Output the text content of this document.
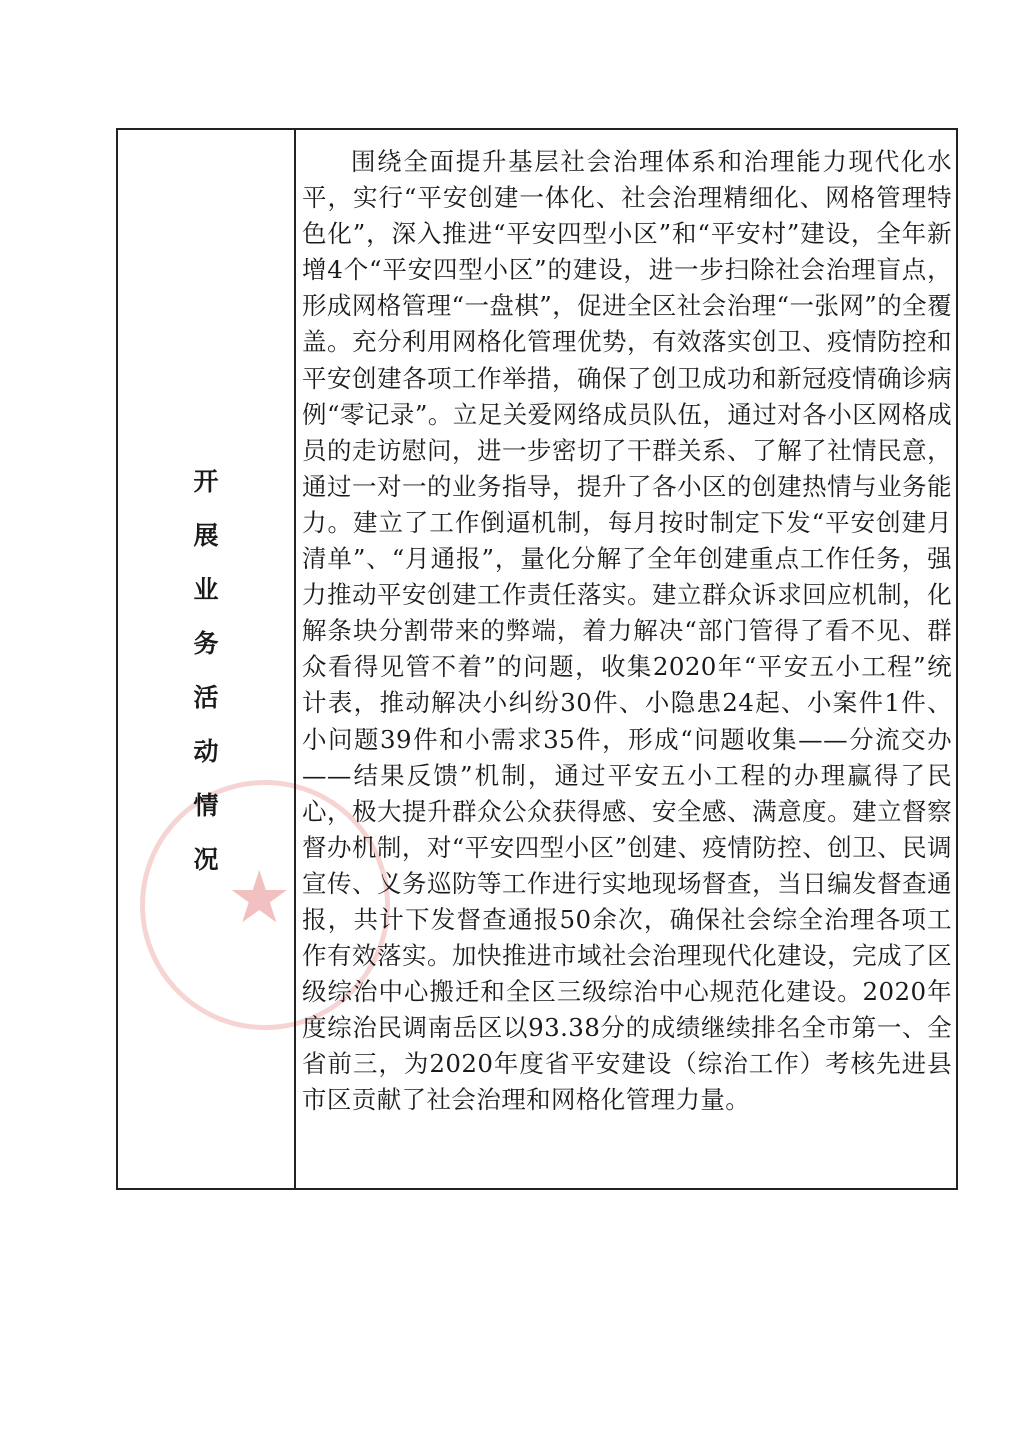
★
开
展
业
务
活
动
情
况
围绕全面提升基层社会治理体系和治理能力现代化水平，实行“平安创建一体化、社会治理精细化、网格管理特色化”，深入推进“平安四型小区”和“平安村”建设，全年新增4个“平安四型小区”的建设，进一步扫除社会治理盲点，形成网格管理“一盘棋”，促进全区社会治理“一张网”的全覆盖。充分利用网格化管理优势，有效落实创卫、疫情防控和平安创建各项工作举措，确保了创卫成功和新冠疫情确诊病例“零记录”。立足关爱网络成员队伍，通过对各小区网格成员的走访慰问，进一步密切了干群关系、了解了社情民意，通过一对一的业务指导，提升了各小区的创建热情与业务能力。建立了工作倒逼机制，每月按时制定下发“平安创建月清单”、“月通报”，量化分解了全年创建重点工作任务，强力推动平安创建工作责任落实。建立群众诉求回应机制，化解条块分割带来的弊端，着力解决“部门管得了看不见、群众看得见管不着”的问题，收集2020年“平安五小工程”统计表，推动解决小纠纷30件、小隐患24起、小案件1件、小问题39件和小需求35件，形成“问题收集——分流交办——结果反馈”机制，通过平安五小工程的办理赢得了民心，极大提升群众公众获得感、安全感、满意度。建立督察督办机制，对“平安四型小区”创建、疫情防控、创卫、民调宣传、义务巡防等工作进行实地现场督查，当日编发督查通报，共计下发督查通报50余次，确保社会综全治理各项工作有效落实。加快推进市域社会治理现代化建设，完成了区级综治中心搬迁和全区三级综治中心规范化建设。2020年度综治民调南岳区以93.38分的成绩继续排名全市第一、全省前三，为2020年度省平安建设（综治工作）考核先进县市区贡献了社会治理和网格化管理力量。
